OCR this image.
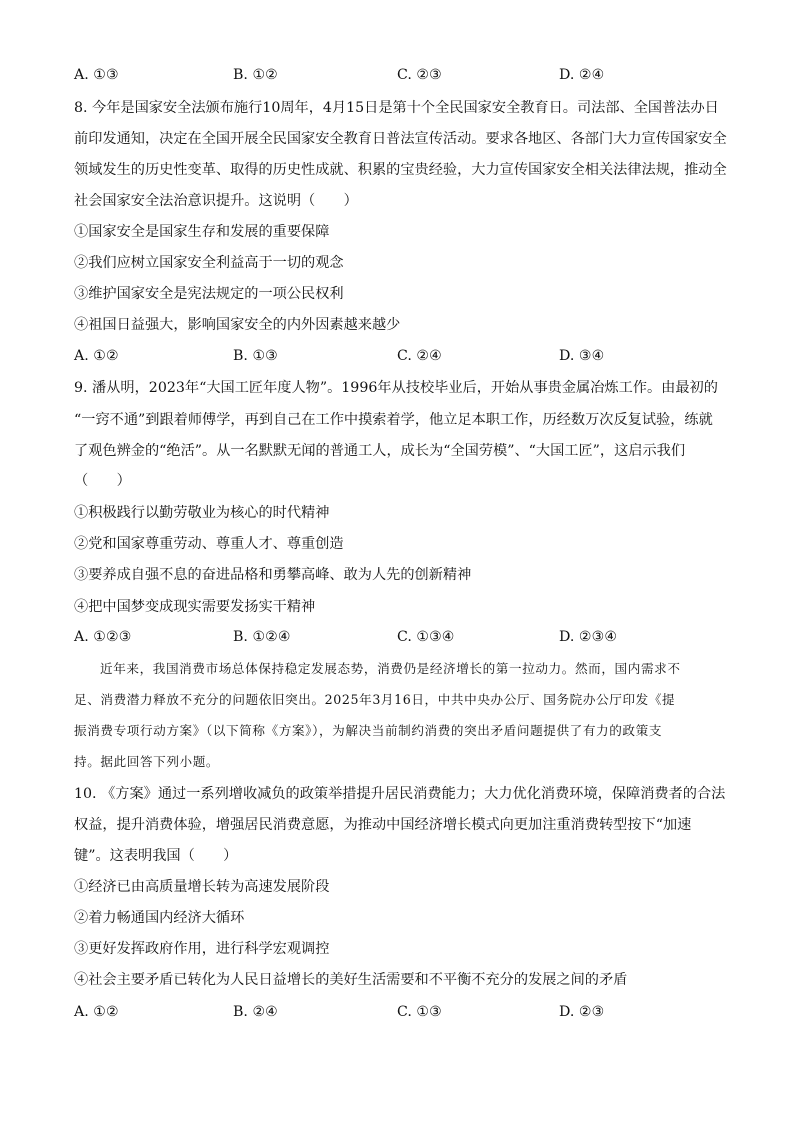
A. ①③	B. ①②	C. ②③	D. ②④
8. 今年是国家安全法颁布施行10周年，4月15日是第十个全民国家安全教育日。司法部、全国普法办日
前印发通知，决定在全国开展全民国家安全教育日普法宣传活动。要求各地区、各部门大力宣传国家安全
领域发生的历史性变革、取得的历史性成就、积累的宝贵经验，大力宣传国家安全相关法律法规，推动全
社会国家安全法治意识提升。这说明（　　）
①国家安全是国家生存和发展的重要保障
②我们应树立国家安全利益高于一切的观念
③维护国家安全是宪法规定的一项公民权利
④祖国日益强大，影响国家安全的内外因素越来越少
A. ①②	B. ①③	C. ②④	D. ③④
9. 潘从明，2023年“大国工匠年度人物”。1996年从技校毕业后，开始从事贵金属冶炼工作。由最初的
“一窍不通”到跟着师傅学，再到自己在工作中摸索着学，他立足本职工作，历经数万次反复试验，练就
了观色辨金的“绝活”。从一名默默无闻的普通工人，成长为“全国劳模”、“大国工匠”，这启示我们
（　　）
①积极践行以勤劳敬业为核心的时代精神
②党和国家尊重劳动、尊重人才、尊重创造
③要养成自强不息的奋进品格和勇攀高峰、敢为人先的创新精神
④把中国梦变成现实需要发扬实干精神
A. ①②③	B. ①②④	C. ①③④	D. ②③④
近年来，我国消费市场总体保持稳定发展态势，消费仍是经济增长的第一拉动力。然而，国内需求不
足、消费潜力释放不充分的问题依旧突出。2025年3月16日，中共中央办公厅、国务院办公厅印发《提
振消费专项行动方案》（以下简称《方案》），为解决当前制约消费的突出矛盾问题提供了有力的政策支
持。据此回答下列小题。
10. 《方案》通过一系列增收减负的政策举措提升居民消费能力；大力优化消费环境，保障消费者的合法
权益，提升消费体验，增强居民消费意愿，为推动中国经济增长模式向更加注重消费转型按下“加速
键”。这表明我国（　　）
①经济已由高质量增长转为高速发展阶段
②着力畅通国内经济大循环
③更好发挥政府作用，进行科学宏观调控
④社会主要矛盾已转化为人民日益增长的美好生活需要和不平衡不充分的发展之间的矛盾
A. ①②	B. ②④	C. ①③	D. ②③
